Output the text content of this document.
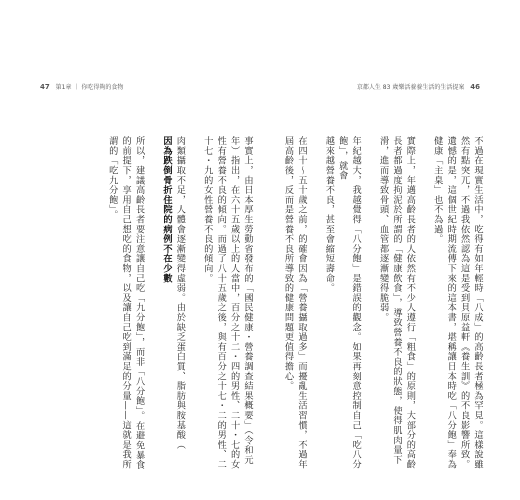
47 第1章 ｜ 你吃得夠的食物	京都人生 83 歲樂活養養生活的生活提案 46
不過在現實生活中，吃得有如年輕時「八成」的高齡長者極為罕見。這樣說雖然有點突兀，不過我依然認為這是受到貝原益軒《養生訓》的不良影響所致。遺憾的是，這個世紀時期流傳下來的這本書，堪稱讓日本時吃「八分飽」奉為健康「主臬」也不為過。
實際上，年邁高齡長者的人依然有不少人遵行「粗食」的原則，大部分的高齡長者都過度拘泥於所謂的「健康飲食」，導致營養不良的狀態，使得肌肉量下滑，進而導致骨頭、血管都逐漸變得脆弱。
年紀越大，我越覺得「八分飽」是錯誤的觀念。如果再刻意控制自己「吃八分飽」，就會
越來越營養不良，甚至會縮短壽命。
在四十～五十歲之前，的確會因為「營養攝取過多」而擾亂生活習慣，不過年屆高齡後，反而是營養不良所導致的健康問題更值得擔心。
事實上，由日本厚生勞動省發布的「國民健康・營養調查結果概要」（令和元年）指出，在六十五歲以上的人當中，百分之十二・四的男性、二十・七的女性有營養不良的傾向。而過了八十五歲之後，與有百分之十七・二的男性、二十七・九的女性營養不良的傾向。
肉類攝取不足，人體會逐漸變得虛弱。由於缺乏蛋白質、脂肪與胺基酸（
因為跌倒骨折住院的病例不在少數
所以，建議高齡長者要注意讓自己吃「九分飽」，而非「八分飽」。在避免暴食的前提下，享用自己想吃的食物，以及讓自己吃到滿足的分量——這就是我所謂的「吃九分飽」。
